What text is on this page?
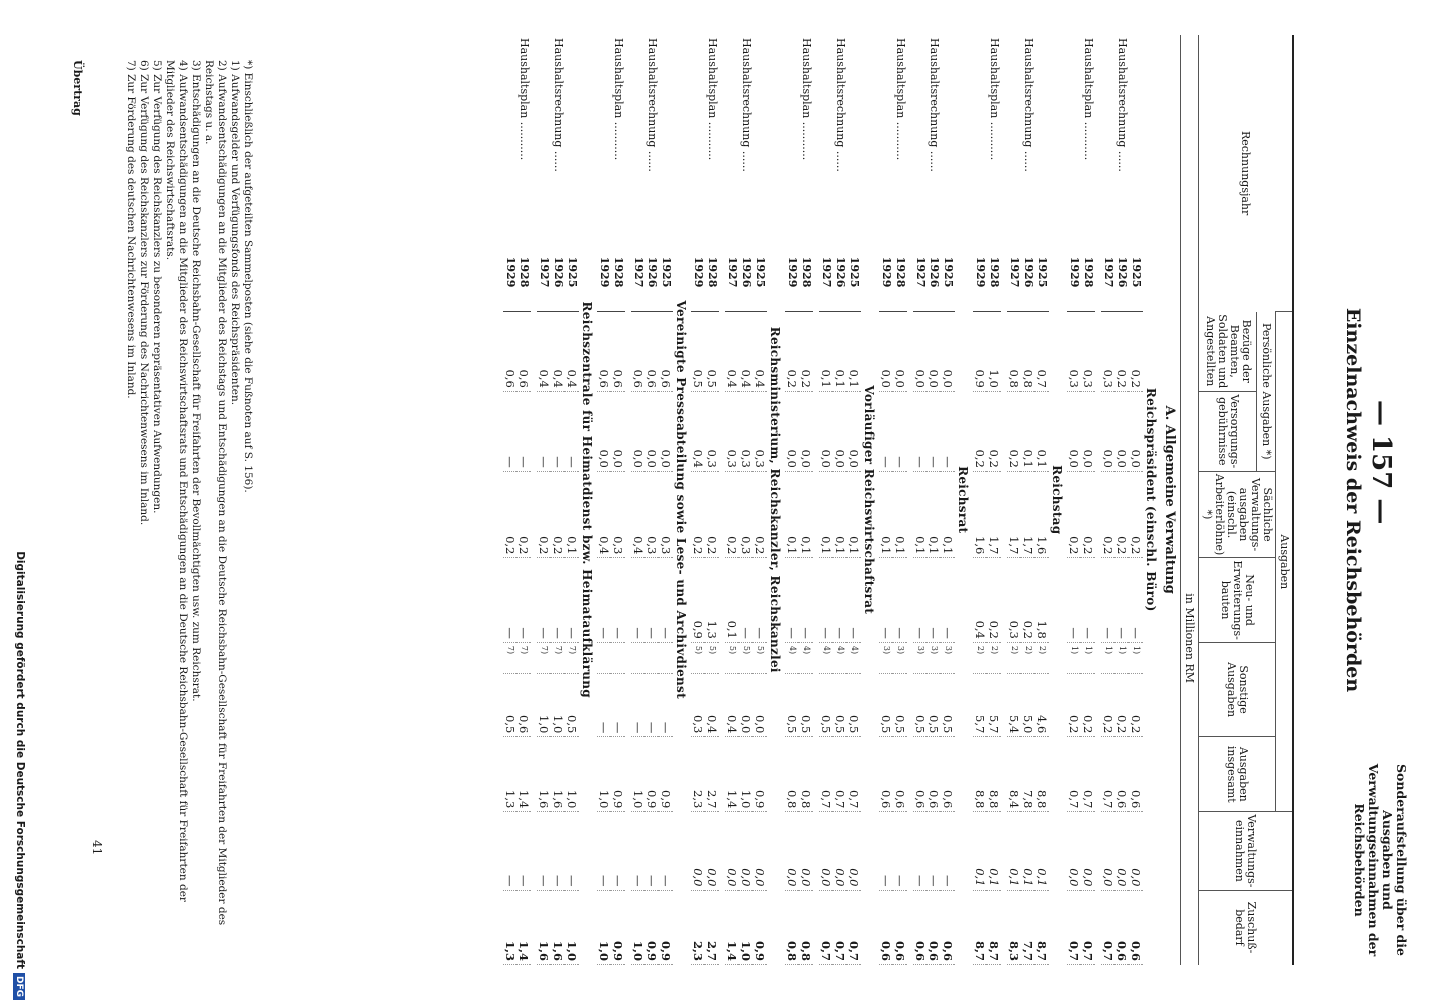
— 157 —
Sonderaufstellung über die Ausgaben und Verwaltungseinnahmen der Reichsbehörden
Einzelnachweis der Reichsbehörden
Rechnungsjahr		Ausgaben							Verwaltungs-einnahmen	Zuschuß-bedarf
		Persönliche Ausgaben *)		Sächliche Verwaltungs-ausgaben (einschl. Arbeiterlöhne) *)	Neu- und Erweiterungs-bauten	Sonstige Ausgaben		Ausgaben insgesamt		
		Bezüge der Beamten, Soldaten und Angestellten	Versorgungs-gebührnisse							
		in Millionen RM								
A. Allgemeine Verwaltung										
Reichspräsident (einschl. Büro)										
	1925	0,2	0,0	0,2	—	1)	0,2	0,6	0,0	0,6
Haushaltsrechnung ......	1926	0,2	0,0	0,2	—	1)	0,2	0,6	0,0	0,6
	1927	0,3	0,0	0,2	—	1)	0,2	0,7	0,0	0,7

Haushaltsplan ...........	1928	0,3	0,0	0,2	—	1)	0,2	0,7	0,0	0,7
	1929	0,3	0,0	0,2	—	1)	0,2	0,7	0,0	0,7
Reichstag										
	1925	0,7	0,1	1,6	1,8	2)	4,6	8,8	0,1	8,7
Haushaltsrechnung ......	1926	0,8	0,1	1,7	0,2	2)	5,0	7,8	0,1	7,7
	1927	0,8	0,2	1,7	0,3	2)	5,4	8,4	0,1	8,3

Haushaltsplan ...........	1928	1,0	0,2	1,7	0,2	2)	5,7	8,8	0,1	8,7
	1929	0,9	0,2	1,6	0,4	2)	5,7	8,8	0,1	8,7
Reichsrat										
	1925	0,0	—	0,1	—	3)	0,5	0,6	—	0,6
Haushaltsrechnung ......	1926	0,0	—	0,1	—	3)	0,5	0,6	—	0,6
	1927	0,0	—	0,1	—	3)	0,5	0,6	—	0,6

Haushaltsplan ...........	1928	0,0	—	0,1	—	3)	0,5	0,6	—	0,6
	1929	0,0	—	0,1	—	3)	0,5	0,6	—	0,6
Vorläufiger Reichswirtschaftsrat										
	1925	0,1	0,0	0,1	—	4)	0,5	0,7	0,0	0,7
Haushaltsrechnung ......	1926	0,1	0,0	0,1	—	4)	0,5	0,7	0,0	0,7
	1927	0,1	0,0	0,1	—	4)	0,5	0,7	0,0	0,7

Haushaltsplan ...........	1928	0,2	0,0	0,1	—	4)	0,5	0,8	0,0	0,8
	1929	0,2	0,0	0,1	—	4)	0,5	0,8	0,0	0,8
Reichsministerium, Reichskanzler, Reichskanzlei										
	1925	0,4	0,3	0,2	—	5)	0,0	0,9	0,0	0,9
Haushaltsrechnung ......	1926	0,4	0,3	0,3	—	5)	0,0	1,0	0,0	1,0
	1927	0,4	0,3	0,2	0,1	5)	0,4	1,4	0,0	1,4

Haushaltsplan ...........	1928	0,5	0,3	0,2	1,3	5)	0,4	2,7	0,0	2,7
	1929	0,5	0,4	0,2	0,9	5)	0,3	2,3	0,0	2,3
Vereinigte Presseabteilung sowie Lese- und Archivdienst										
	1925	0,6	0,0	0,3	—		—	0,9	—	0,9
Haushaltsrechnung ......	1926	0,6	0,0	0,3	—		—	0,9	—	0,9
	1927	0,6	0,0	0,4	—		—	1,0	—	1,0

Haushaltsplan ...........	1928	0,6	0,0	0,3	—		—	0,9	—	0,9
	1929	0,6	0,0	0,4	—		—	1,0	—	1,0
Reichszentrale für Heimatdienst bzw. Heimataufklärung										
	1925	0,4	—	0,1	—	7)	0,5	1,0	—	1,0
Haushaltsrechnung ......	1926	0,4	—	0,2	—	7)	1,0	1,6	—	1,6
	1927	0,4	—	0,2	—	7)	1,0	1,6	—	1,6

Haushaltsplan ...........	1928	0,6	—	0,2	—	7)	0,6	1,4	—	1,4
	1929	0,6	—	0,2	—	7)	0,5	1,3	—	1,3
*) Einschließlich der aufgeteilten Sammelposten (siehe die Fußnoten auf S. 156).
1) Aufwandsgelder und Verfügungsfonds des Reichspräsidenten.
2) Aufwandsentschädigungen an die Mitglieder des Reichstags und Entschädigungen an die Deutsche Reichsbahn-Gesellschaft für Freifahrten der Mitglieder des Reichstags u. a.
3) Entschädigungen an die Deutsche Reichsbahn-Gesellschaft für Freifahrten der Bevollmächtigten usw. zum Reichsrat.
4) Aufwandsentschädigungen an die Mitglieder des Reichswirtschaftsrats und Entschädigungen an die Deutsche Reichsbahn-Gesellschaft für Freifahrten der Mitglieder des Reichswirtschaftsrats.
5) Zur Verfügung des Reichskanzlers zu besonderen repräsentativen Aufwendungen.
6) Zur Verfügung des Reichskanzlers zur Förderung des Nachrichtenwesens im Inland.
7) Zur Förderung des deutschen Nachrichtenwesens im Inland.
41
Übertrag
Digitalisierung gefördert durch die Deutsche ForschungsgemeinschaftDFG
